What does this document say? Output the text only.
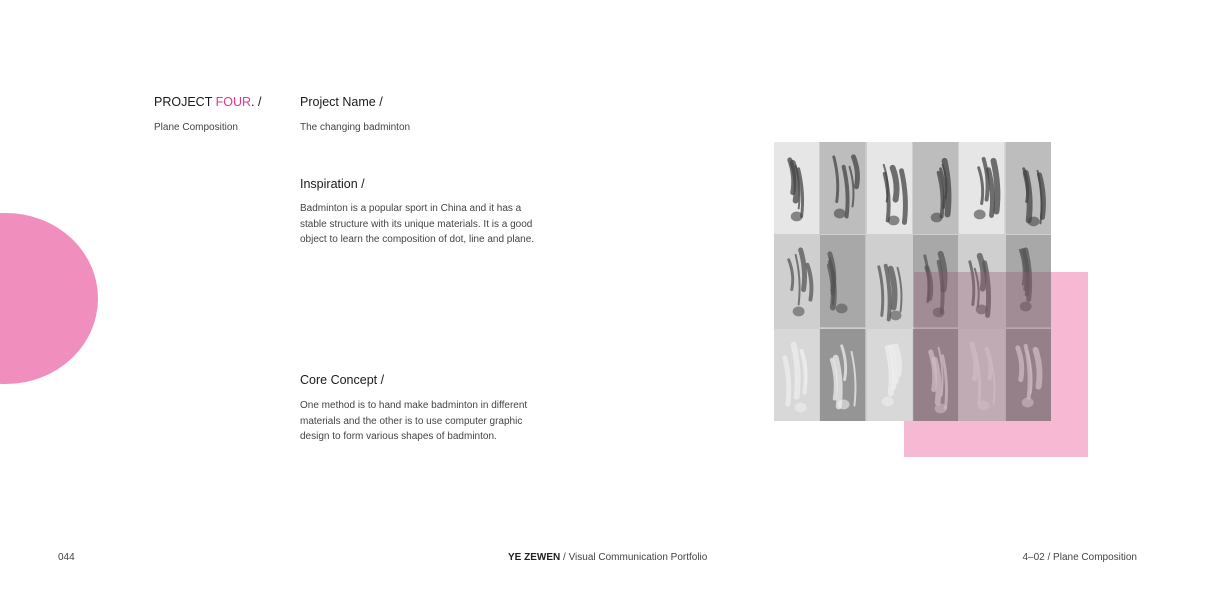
PROJECT FOUR. /
Plane Composition
Project Name /
The changing badminton
Inspiration /
Badminton is a popular sport in China and it has a stable structure with its unique materials. It is a good object to learn the composition of dot, line and plane.
Core Concept /
One method is to hand make badminton in different materials and the other is to use computer graphic design to form various shapes of badminton.
044	YE ZEWEN / Visual Communication Portfolio	4–02 / Plane Composition
